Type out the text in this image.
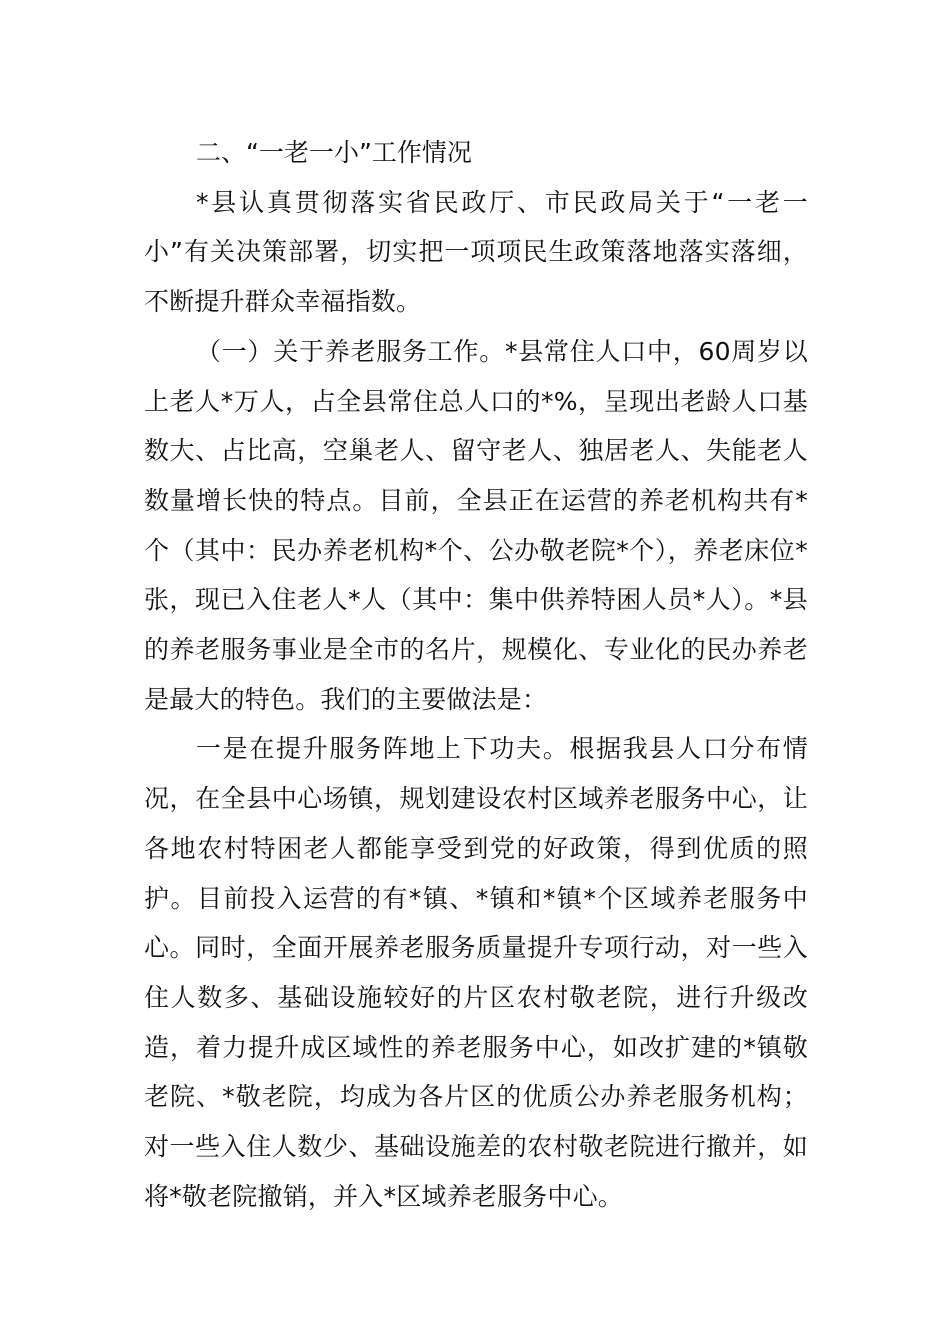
二、“一老一小”工作情况

*县认真贯彻落实省民政厅、市民政局关于“一老一小”有关决策部署，切实把一项项民生政策落地落实落细，不断提升群众幸福指数。

（一）关于养老服务工作。*县常住人口中，60周岁以上老人*万人，占全县常住总人口的*%，呈现出老龄人口基数大、占比高，空巢老人、留守老人、独居老人、失能老人数量增长快的特点。目前，全县正在运营的养老机构共有*个（其中：民办养老机构*个、公办敬老院*个），养老床位*张，现已入住老人*人（其中：集中供养特困人员*人）。*县的养老服务事业是全市的名片，规模化、专业化的民办养老是最大的特色。我们的主要做法是：

一是在提升服务阵地上下功夫。根据我县人口分布情况，在全县中心场镇，规划建设农村区域养老服务中心，让各地农村特困老人都能享受到党的好政策，得到优质的照护。目前投入运营的有*镇、*镇和*镇*个区域养老服务中心。同时，全面开展养老服务质量提升专项行动，对一些入住人数多、基础设施较好的片区农村敬老院，进行升级改造，着力提升成区域性的养老服务中心，如改扩建的*镇敬老院、*敬老院，均成为各片区的优质公办养老服务机构；对一些入住人数少、基础设施差的农村敬老院进行撤并，如将*敬老院撤销，并入*区域养老服务中心。
